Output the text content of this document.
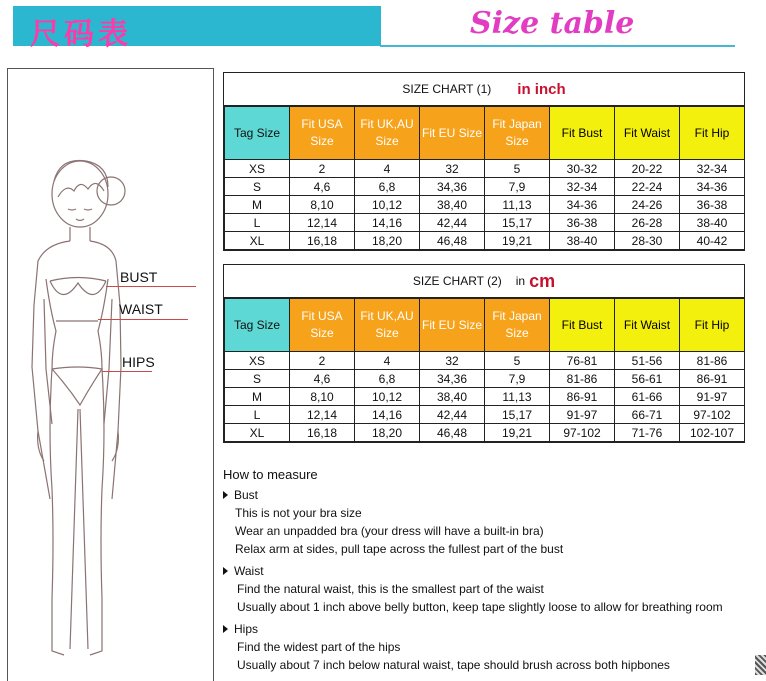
尺码表	Size table
BUST
WAIST
HIPS
SIZE CHART (1) in inch
Tag Size	Fit USA Size	Fit UK,AU Size	Fit EU Size	Fit Japan Size	Fit Bust	Fit Waist	Fit Hip
XS	2	4	32	5	30-32	20-22	32-34
S	4,6	6,8	34,36	7,9	32-34	22-24	34-36
M	8,10	10,12	38,40	11,13	34-36	24-26	36-38
L	12,14	14,16	42,44	15,17	36-38	26-28	38-40
XL	16,18	18,20	46,48	19,21	38-40	28-30	40-42
SIZE CHART (2) in cm
Tag Size	Fit USA Size	Fit UK,AU Size	Fit EU Size	Fit Japan Size	Fit Bust	Fit Waist	Fit Hip
XS	2	4	32	5	76-81	51-56	81-86
S	4,6	6,8	34,36	7,9	81-86	56-61	86-91
M	8,10	10,12	38,40	11,13	86-91	61-66	91-97
L	12,14	14,16	42,44	15,17	91-97	66-71	97-102
XL	16,18	18,20	46,48	19,21	97-102	71-76	102-107
How to measure
Bust
This is not your bra size
Wear an unpadded bra (your dress will have a built-in bra)
Relax arm at sides, pull tape across the fullest part of the bust
Waist
Find the natural waist, this is the smallest part of the waist
Usually about 1 inch above belly button, keep tape slightly loose to allow for breathing room
Hips
Find the widest part of the hips
Usually about 7 inch below natural waist, tape should brush across both hipbones
